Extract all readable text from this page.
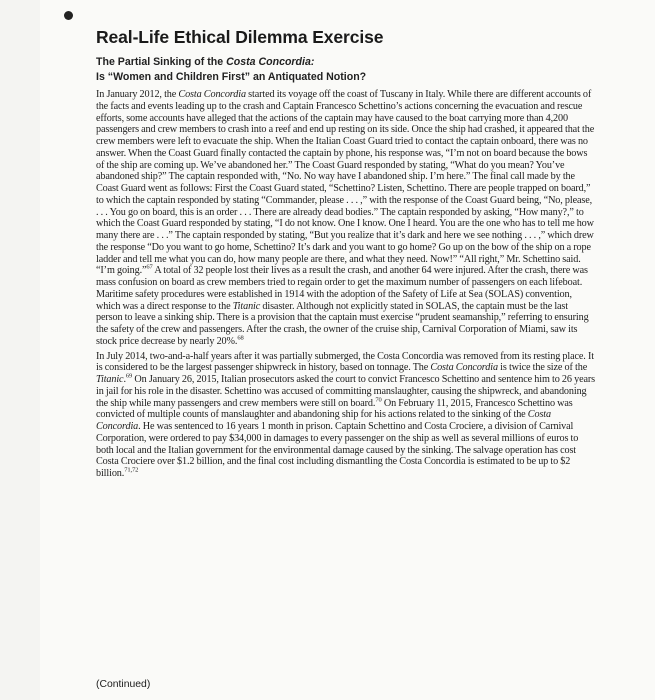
Real-Life Ethical Dilemma Exercise
The Partial Sinking of the Costa Concordia:
Is “Women and Children First” an Antiquated Notion?

In January 2012, the Costa Concordia started its voyage off the coast of Tuscany in Italy. While there are different accounts of the facts and events leading up to the crash and Captain Francesco Schettino’s actions concerning the evacuation and rescue efforts, some accounts have alleged that the actions of the captain may have caused to the boat carrying more than 4,200 passengers and crew members to crash into a reef and end up resting on its side. Once the ship had crashed, it appeared that the crew members were left to evacuate the ship. When the Italian Coast Guard tried to contact the captain onboard, there was no answer. When the Coast Guard finally contacted the captain by phone, his response was, “I’m not on board because the bows of the ship are coming up. We’ve abandoned her.” The Coast Guard responded by stating, “What do you mean? You’ve abandoned ship?” The captain responded with, “No. No way have I abandoned ship. I’m here.” The final call made by the Coast Guard went as follows: First the Coast Guard stated, “Schettino? Listen, Schettino. There are people trapped on board,” to which the captain responded by stating “Commander, please . . . ,” with the response of the Coast Guard being, “No, please, . . . You go on board, this is an order . . . There are already dead bodies.” The captain responded by asking, “How many?,” to which the Coast Guard responded by stating, “I do not know. One I know. One I heard. You are the one who has to tell me how many there are . . .” The captain responded by stating, “But you realize that it’s dark and here we see nothing . . . ,” which drew the response “Do you want to go home, Schettino? It’s dark and you want to go home? Go up on the bow of the ship on a rope ladder and tell me what you can do, how many people are there, and what they need. Now!” “All right,” Mr. Schettino said. “I’m going.”$^{67}$ A total of 32 people lost their lives as a result the crash, and another 64 were injured. After the crash, there was mass confusion on board as crew members tried to regain order to get the maximum number of passengers on each lifeboat. Maritime safety procedures were established in 1914 with the adoption of the Safety of Life at Sea (SOLAS) convention, which was a direct response to the Titanic disaster. Although not explicitly stated in SOLAS, the captain must be the last person to leave a sinking ship. There is a provision that the captain must exercise “prudent seamanship,” referring to ensuring the safety of the crew and passengers. After the crash, the owner of the cruise ship, Carnival Corporation of Miami, saw its stock price decrease by nearly 20%.$^{68}$

In July 2014, two-and-a-half years after it was partially submerged, the Costa Concordia was removed from its resting place. It is considered to be the largest passenger shipwreck in history, based on tonnage. The Costa Concordia is twice the size of the Titanic.$^{69}$ On January 26, 2015, Italian prosecutors asked the court to convict Francesco Schettino and sentence him to 26 years in jail for his role in the disaster. Schettino was accused of committing manslaughter, causing the shipwreck, and abandoning the ship while many passengers and crew members were still on board.$^{70}$ On February 11, 2015, Francesco Schettino was convicted of multiple counts of manslaughter and abandoning ship for his actions related to the sinking of the Costa Concordia. He was sentenced to 16 years 1 month in prison. Captain Schettino and Costa Crociere, a division of Carnival Corporation, were ordered to pay $34,000 in damages to every passenger on the ship as well as several millions of euros to both local and the Italian government for the environmental damage caused by the sinking. The salvage operation has cost Costa Crociere over $1.2 billion, and the final cost including dismantling the Costa Concordia is estimated to be up to $2 billion.$^{71,72}$

(Continued)
